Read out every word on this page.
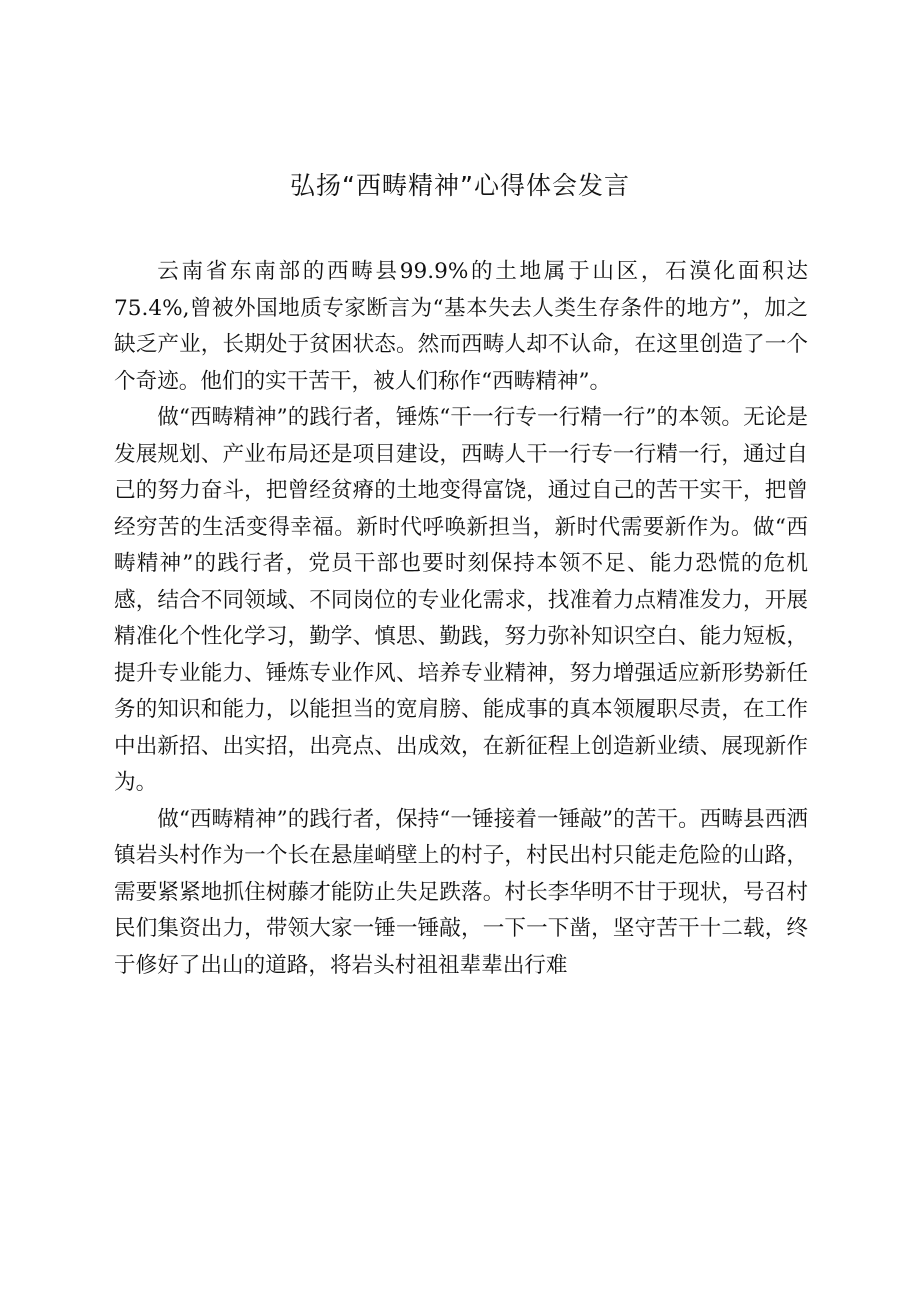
弘扬“西畴精神”心得体会发言

云南省东南部的西畴县99.9%的土地属于山区，石漠化面积达75.4%,曾被外国地质专家断言为“基本失去人类生存条件的地方”，加之缺乏产业，长期处于贫困状态。然而西畴人却不认命，在这里创造了一个个奇迹。他们的实干苦干，被人们称作“西畴精神”。

做“西畴精神”的践行者，锤炼“干一行专一行精一行”的本领。无论是发展规划、产业布局还是项目建设，西畴人干一行专一行精一行，通过自己的努力奋斗，把曾经贫瘠的土地变得富饶，通过自己的苦干实干，把曾经穷苦的生活变得幸福。新时代呼唤新担当，新时代需要新作为。做“西畴精神”的践行者，党员干部也要时刻保持本领不足、能力恐慌的危机感，结合不同领域、不同岗位的专业化需求，找准着力点精准发力，开展精准化个性化学习，勤学、慎思、勤践，努力弥补知识空白、能力短板，提升专业能力、锤炼专业作风、培养专业精神，努力增强适应新形势新任务的知识和能力，以能担当的宽肩膀、能成事的真本领履职尽责，在工作中出新招、出实招，出亮点、出成效，在新征程上创造新业绩、展现新作为。

做“西畴精神”的践行者，保持“一锤接着一锤敲”的苦干。西畴县西洒镇岩头村作为一个长在悬崖峭壁上的村子，村民出村只能走危险的山路，需要紧紧地抓住树藤才能防止失足跌落。村长李华明不甘于现状，号召村民们集资出力，带领大家一锤一锤敲，一下一下凿，坚守苦干十二载，终于修好了出山的道路，将岩头村祖祖辈辈出行难
